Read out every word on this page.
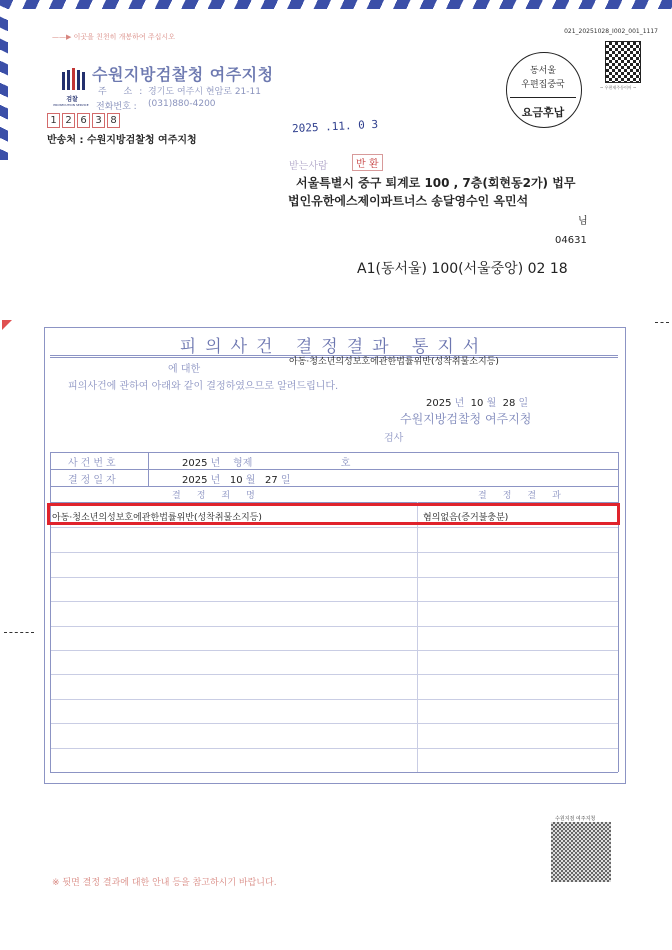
021_20251028_I002_001_1117
——▶ 이곳을 친천히 개봉하여 주십시오
검찰
PROSECUTION SERVICE
수원지방검찰청 여주지청
주 소:
경기도 여주시 현암로 21-11
전화번호 : (031)880-4200
1 2 6 3 8
반송처 : 수원지방검찰청 여주지청
2025 .11. 0 3
동서울
우편집중국
요금후납
~ 우편제주등이어 ~
받는사람	반 환
서울특별시 중구 퇴계로 100 , 7층(회현동2가) 법무
법인유한에스제이파트너스 송달영수인 옥민석
님
04631
A1(동서울) 100(서울중앙) 02 18
피의사건 결정결과 통지서
아동·청소년의성보호에관한법률위반(성착취물소지등)
에 대한
피의사건에 관하여 아래와 같이 결정하였으므로 알려드립니다.
2025 년 10 월 28 일
수원지방검찰청 여주지청
검사
사건번호	2025 년 형제	호
결정일자	2025 년 10 월 27 일
결정죄명	결정결과
아동·청소년의성보호에관한법률위반(성착취물소지등)	혐의없음(증거불충분)
수원지검 여주지청
※ 뒷면 결정 결과에 대한 안내 등을 참고하시기 바랍니다.
